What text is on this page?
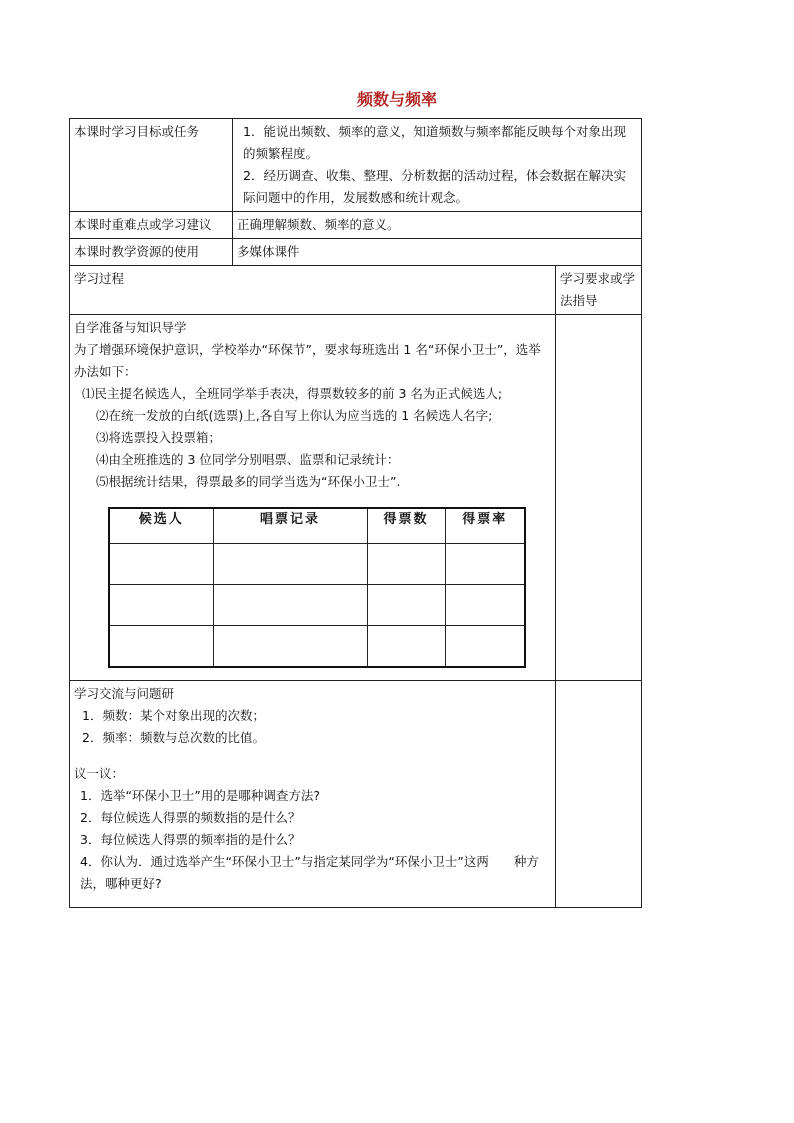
频数与频率
本课时学习目标或任务	1．能说出频数、频率的意义，知道频数与频率都能反映每个对象出现的频繁程度。

2．经历调查、收集、整理、分析数据的活动过程，体会数据在解决实际问题中的作用，发展数感和统计观念。

本课时重难点或学习建议	正确理解频数、频率的意义。

本课时教学资源的使用	多媒体课件

学习过程	学习要求或学法指导

自学准备与知识导学

为了增强环境保护意识，学校举办“环保节”，要求每班选出 1 名“环保小卫士”，选举办法如下：

⑴民主提名候选人，全班同学举手表决，得票数较多的前 3 名为正式候选人;

⑵在统一发放的白纸(选票)上,各自写上你认为应当选的 1 名候选人名字;

⑶将选票投入投票箱；

⑷由全班推选的 3 位同学分别唱票、监票和记录统计：

⑸根据统计结果，得票最多的同学当选为“环保小卫士”.

候选人	唱票记录	得票数	得票率

学习交流与问题研

1．频数：某个对象出现的次数；

2．频率：频数与总次数的比值。

议一议：

1．选举“环保小卫士”用的是哪种调查方法?

2．每位候选人得票的频数指的是什么？

3．每位候选人得票的频率指的是什么？

4．你认为．通过选举产生“环保小卫士”与指定某同学为“环保小卫士”这两　　种方法，哪种更好?
